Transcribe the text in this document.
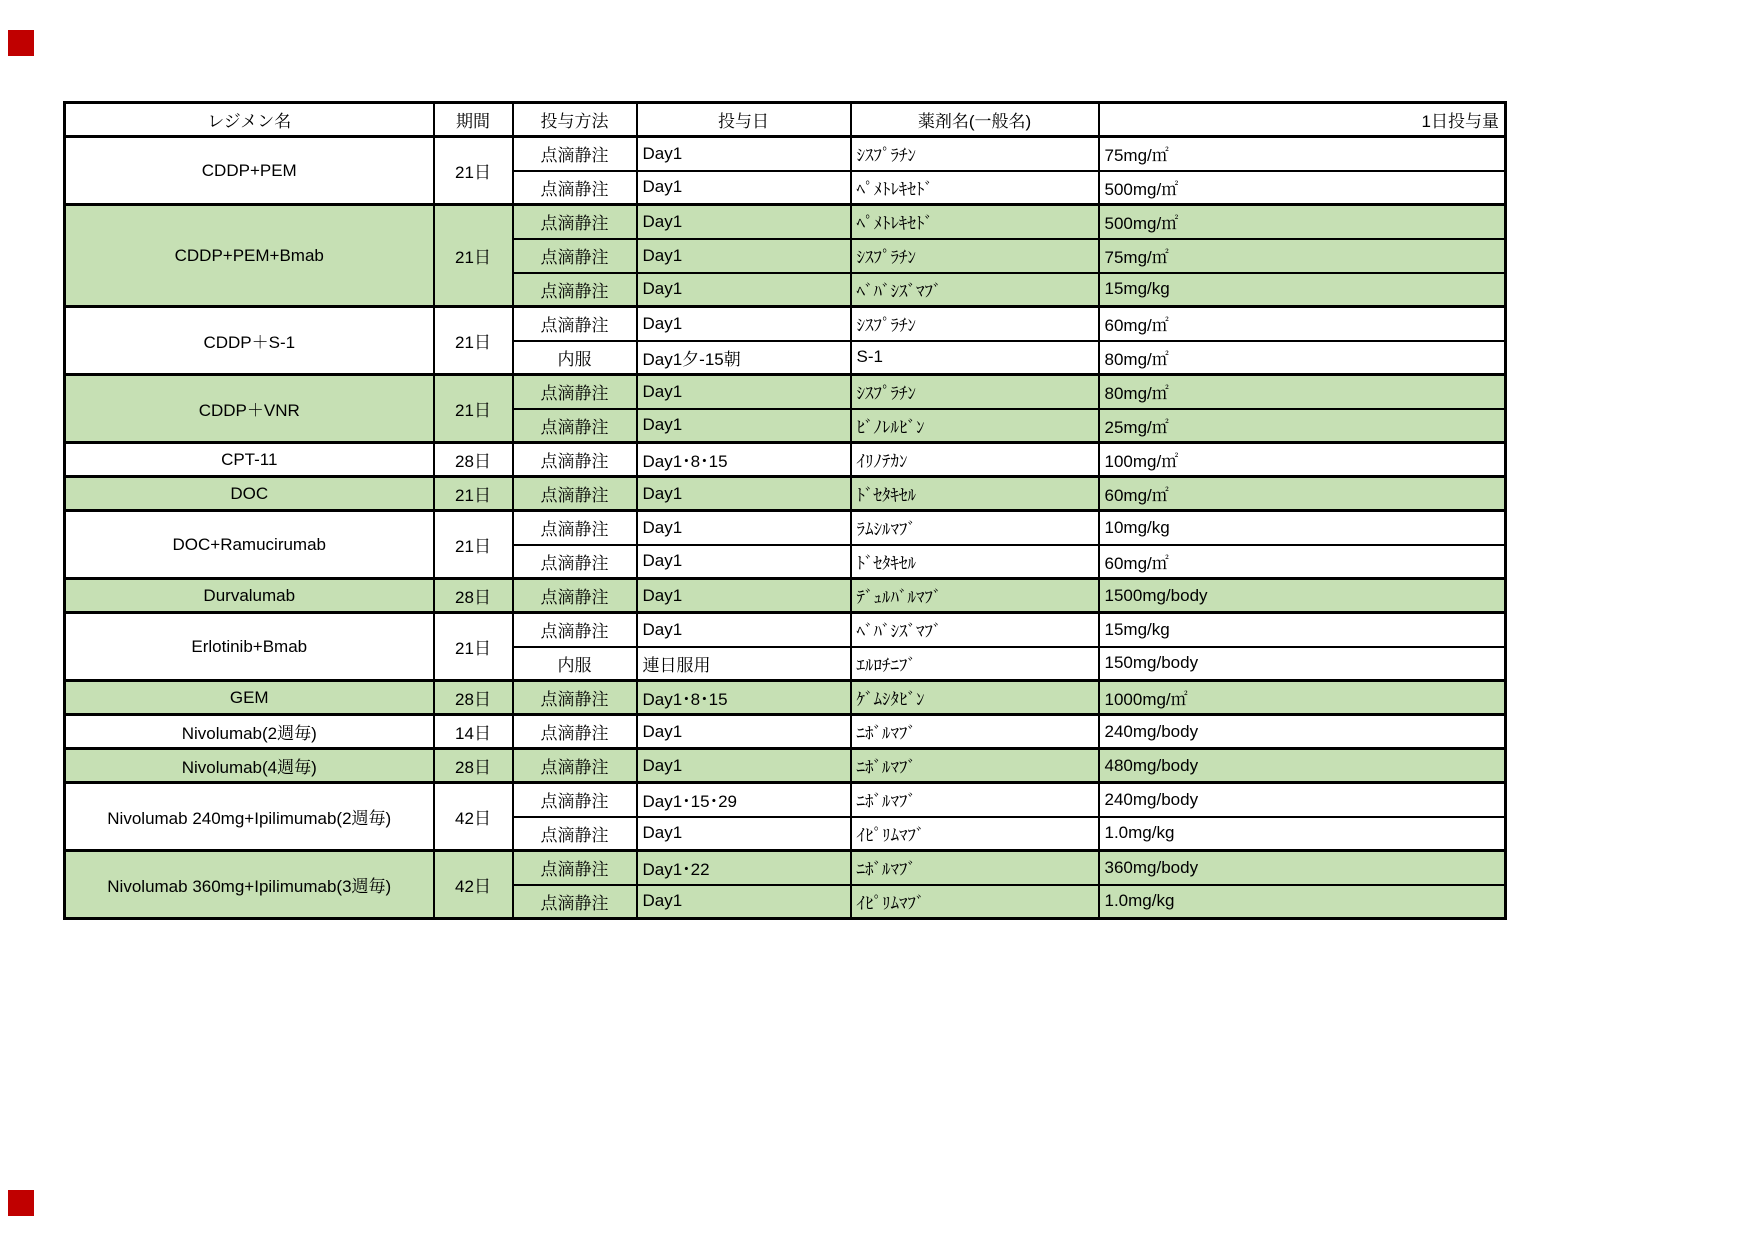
レジメン名	期間	投与方法	投与日	薬剤名(一般名)	1日投与量
CDDP+PEM	21日	点滴静注	Day1	ｼｽﾌﾟﾗﾁﾝ	75mg/㎡
		点滴静注	Day1	ﾍﾟﾒﾄﾚｷｾﾄﾞ	500mg/㎡
CDDP+PEM+Bmab	21日	点滴静注	Day1	ﾍﾟﾒﾄﾚｷｾﾄﾞ	500mg/㎡
		点滴静注	Day1	ｼｽﾌﾟﾗﾁﾝ	75mg/㎡
		点滴静注	Day1	ﾍﾞﾊﾞｼｽﾞﾏﾌﾞ	15mg/kg
CDDP＋S-1	21日	点滴静注	Day1	ｼｽﾌﾟﾗﾁﾝ	60mg/㎡
		内服	Day1夕-15朝	S-1	80mg/㎡
CDDP＋VNR	21日	点滴静注	Day1	ｼｽﾌﾟﾗﾁﾝ	80mg/㎡
		点滴静注	Day1	ﾋﾞﾉﾚﾙﾋﾞﾝ	25mg/㎡
CPT-11	28日	点滴静注	Day1･8･15	ｲﾘﾉﾃｶﾝ	100mg/㎡
DOC	21日	点滴静注	Day1	ﾄﾞｾﾀｷｾﾙ	60mg/㎡
DOC+Ramucirumab	21日	点滴静注	Day1	ﾗﾑｼﾙﾏﾌﾞ	10mg/kg
		点滴静注	Day1	ﾄﾞｾﾀｷｾﾙ	60mg/㎡
Durvalumab	28日	点滴静注	Day1	ﾃﾞｭﾙﾊﾞﾙﾏﾌﾞ	1500mg/body
Erlotinib+Bmab	21日	点滴静注	Day1	ﾍﾞﾊﾞｼｽﾞﾏﾌﾞ	15mg/kg
		内服	連日服用	ｴﾙﾛﾁﾆﾌﾞ	150mg/body
GEM	28日	点滴静注	Day1･8･15	ｹﾞﾑｼﾀﾋﾞﾝ	1000mg/㎡
Nivolumab(2週毎)	14日	点滴静注	Day1	ﾆﾎﾞﾙﾏﾌﾞ	240mg/body
Nivolumab(4週毎)	28日	点滴静注	Day1	ﾆﾎﾞﾙﾏﾌﾞ	480mg/body
Nivolumab 240mg+Ipilimumab(2週毎)	42日	点滴静注	Day1･15･29	ﾆﾎﾞﾙﾏﾌﾞ	240mg/body
		点滴静注	Day1	ｲﾋﾟﾘﾑﾏﾌﾞ	1.0mg/kg
Nivolumab 360mg+Ipilimumab(3週毎)	42日	点滴静注	Day1･22	ﾆﾎﾞﾙﾏﾌﾞ	360mg/body
		点滴静注	Day1	ｲﾋﾟﾘﾑﾏﾌﾞ	1.0mg/kg
